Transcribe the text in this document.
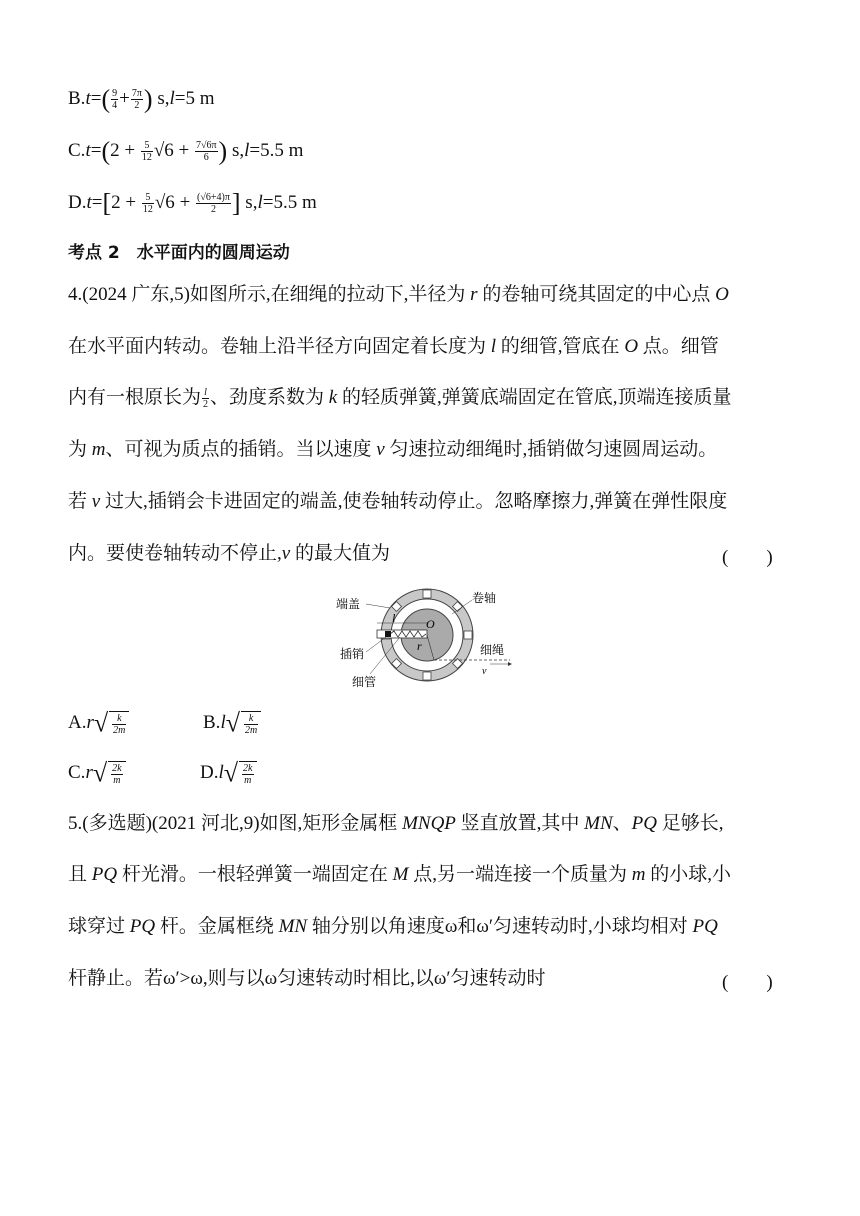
$B.t=( \frac{9}{4} + \frac{7\pi}{2}$ ) s,l=5 m
$C.t=(2 + \frac{5}{12} √6 + \frac{7√6\pi}{6}$ ) s,l=5.5 m
$D.t=[2 + \frac{5}{12} √6 + \frac{(√6+4)\pi}{2}$ ] s,l=5.5 m
考点 2　水平面内的圆周运动
4.(2024 广东,5)如图所示,在细绳的拉动下,半径为 r 的卷轴可绕其固定的中心点 O
在水平面内转动。卷轴上沿半径方向固定着长度为 l 的细管,管底在 O 点。细管
内有一根原长为 $\frac{l}{2}$ 、劲度系数为 k 的轻质弹簧,弹簧底端固定在管底,顶端连接质量
为 m、可视为质点的插销。当以速度 v 匀速拉动细绳时,插销做匀速圆周运动。
若 v 过大,插销会卡进固定的端盖,使卷轴转动停止。忽略摩擦力,弹簧在弹性限度
内。要使卷轴转动不停止,v 的最大值为	(　　)
l	O
r	细绳
v
端盖	卷轴
插销
细管
$A.r√ \frac{k}{2m}$	$B.l√ \frac{k}{2m}$
$C.r√ \frac{2k}{m}$	$D.l√ \frac{2k}{m}$
5.(多选题)(2021 河北,9)如图,矩形金属框 MNQP 竖直放置,其中 MN、PQ 足够长,
且 PQ 杆光滑。一根轻弹簧一端固定在 M 点,另一端连接一个质量为 m 的小球,小
球穿过 PQ 杆。金属框绕 MN 轴分别以角速度ω和ω′匀速转动时,小球均相对 PQ
杆静止。若ω′>ω,则与以ω匀速转动时相比,以ω′匀速转动时	(　　)
